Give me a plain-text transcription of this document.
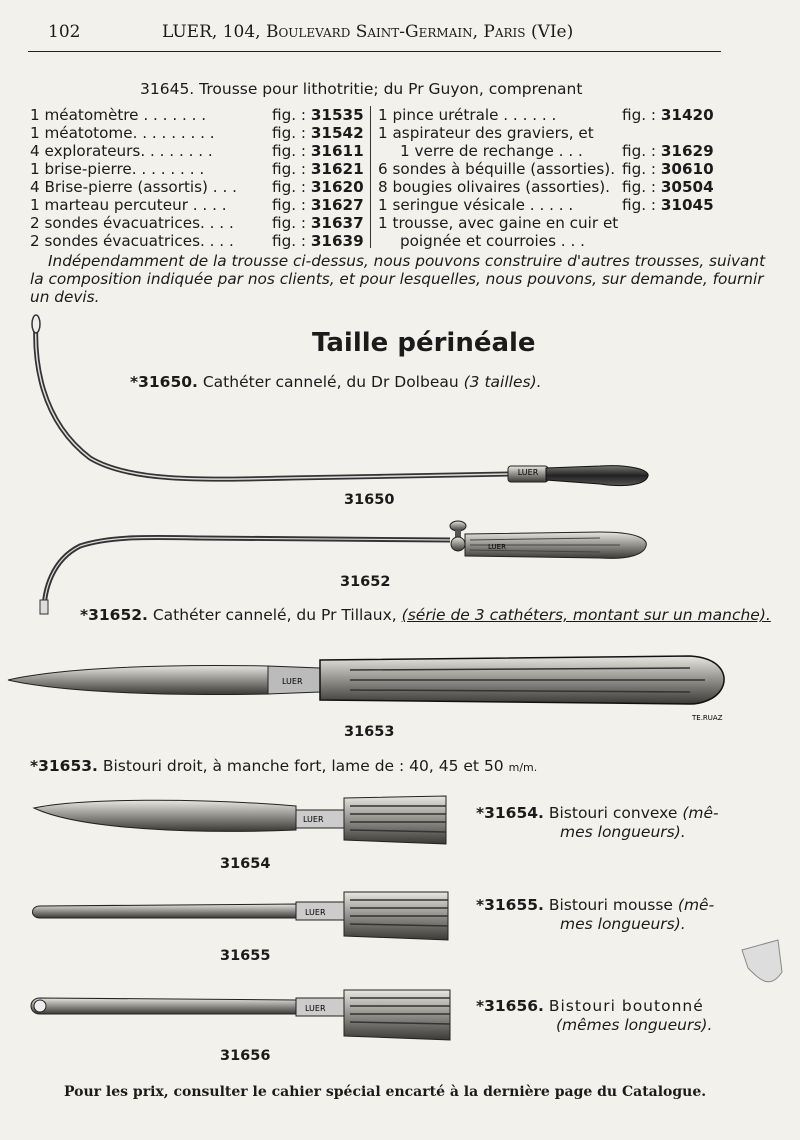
102	LUER, 104, Boulevard Saint-Germain, Paris (VIe)
31645. Trousse pour lithotritie; du Pr Guyon, comprenant
1 méatomètre . . . . . . .	fig. : 31535
1 méatotome. . . . . . . . .	fig. : 31542
4 explorateurs. . . . . . . .	fig. : 31611
1 brise-pierre. . . . . . . .	fig. : 31621
4 Brise-pierre (assortis) . . . fig. : 31620
1 marteau percuteur . . . .	fig. : 31627
2 sondes évacuatrices. . . .	fig. : 31637
2 sondes évacuatrices. . . .	fig. : 31639
1 pince urétrale . . . . . .	fig. : 31420
1 aspirateur des graviers, et
1 verre de rechange . . .	fig. : 31629
6 sondes à béquille (assorties). fig. : 30610
8 bougies olivaires (assorties). fig. : 30504
1 seringue vésicale . . . . .	fig. : 31045
1 trousse, avec gaine en cuir et
poignée et courroies . . .
Indépendamment de la trousse ci-dessus, nous pouvons construire d'autres trousses, suivant
la composition indiquée par nos clients, et pour lesquelles, nous pouvons, sur demande, fournir
un devis.
Taille périnéale
*31650. Cathéter cannelé, du Dr Dolbeau (3 tailles).
LUER
LUER
LUER
TE.RUAZ
LUER
LUER
LUER
31650
31652
31653
31654
31655
31656
*31652. Cathéter cannelé, du Pr Tillaux, (série de 3 cathéters, montant sur un manche).
*31653. Bistouri droit, à manche fort, lame de : 40, 45 et 50 m/m.
*31654. Bistouri convexe (mê-
mes longueurs).
*31655. Bistouri mousse (mê-
mes longueurs).
*31656. Bistouri boutonné
(mêmes longueurs).
Pour les prix, consulter le cahier spécial encarté à la dernière page du Catalogue.
